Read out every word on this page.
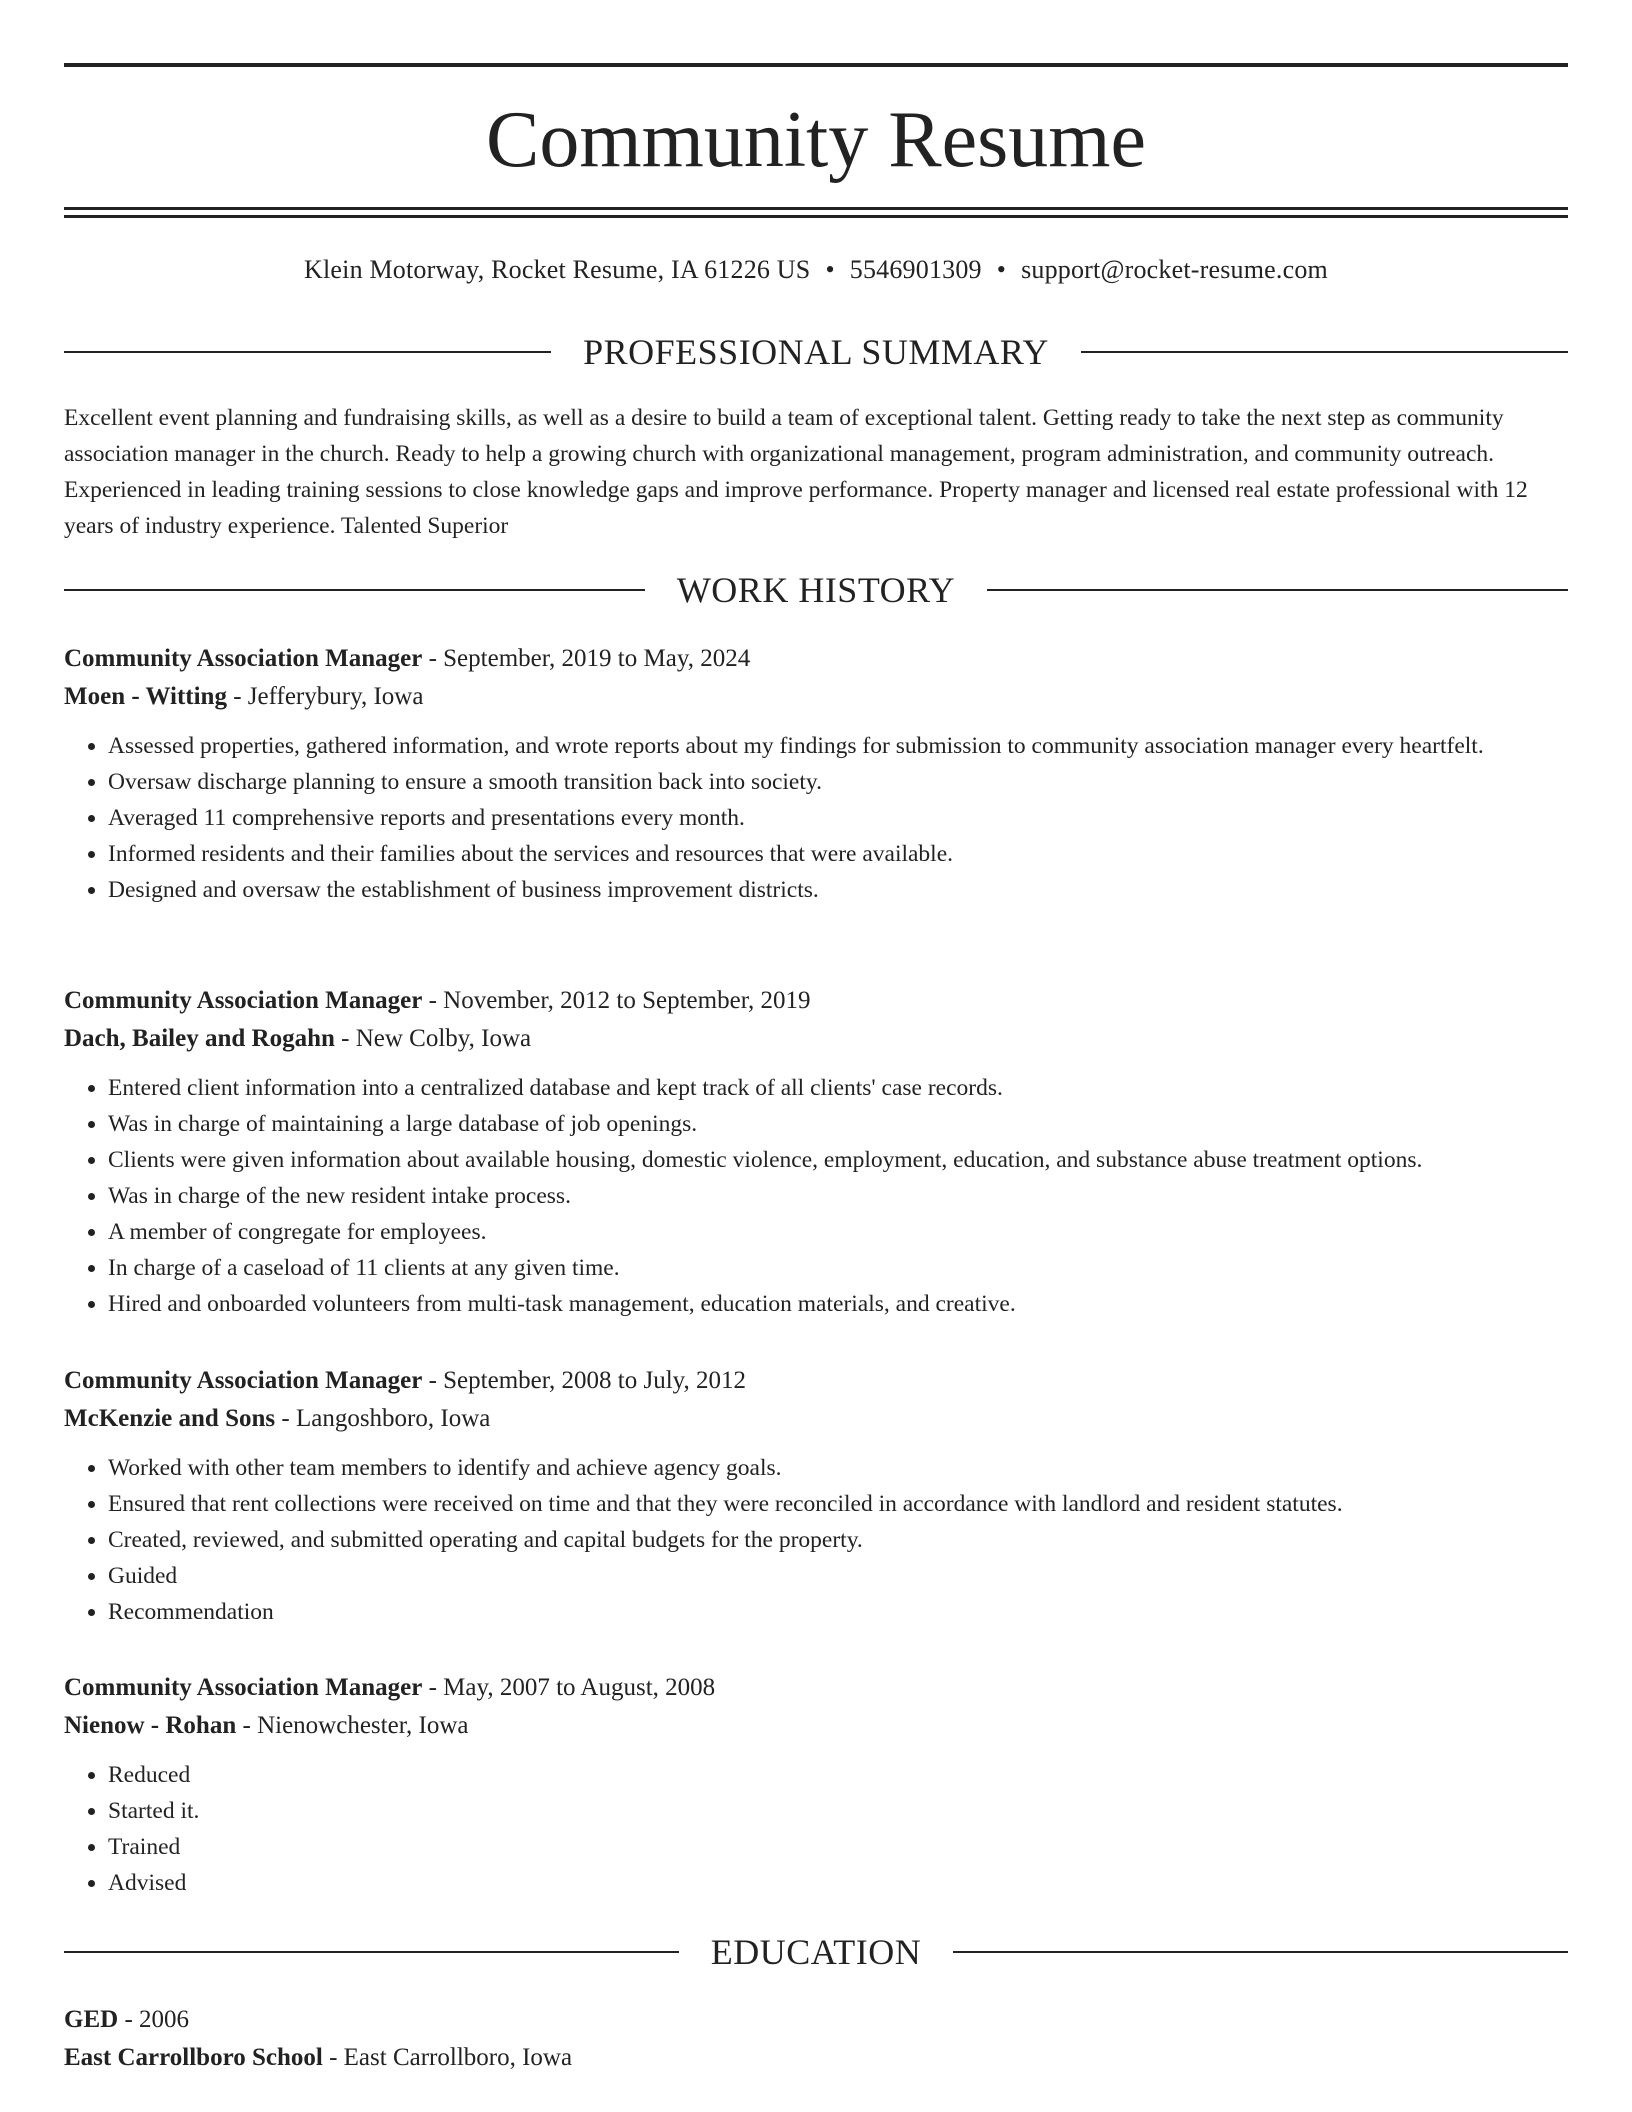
Community Resume
Klein Motorway, Rocket Resume, IA 61226 US • 5546901309 • support@rocket-resume.com
PROFESSIONAL SUMMARY

Excellent event planning and fundraising skills, as well as a desire to build a team of exceptional talent. Getting ready to take the next step as community association manager in the church. Ready to help a growing church with organizational management, program administration, and community outreach. Experienced in leading training sessions to close knowledge gaps and improve performance. Property manager and licensed real estate professional with 12 years of industry experience. Talented Superior

WORK HISTORY
Community Association Manager - September, 2019 to May, 2024
Moen - Witting - Jefferybury, Iowa
• Assessed properties, gathered information, and wrote reports about my findings for submission to community association manager every heartfelt.
• Oversaw discharge planning to ensure a smooth transition back into society.
• Averaged 11 comprehensive reports and presentations every month.
• Informed residents and their families about the services and resources that were available.
• Designed and oversaw the establishment of business improvement districts.
Community Association Manager - November, 2012 to September, 2019
Dach, Bailey and Rogahn - New Colby, Iowa
• Entered client information into a centralized database and kept track of all clients' case records.
• Was in charge of maintaining a large database of job openings.
• Clients were given information about available housing, domestic violence, employment, education, and substance abuse treatment options.
• Was in charge of the new resident intake process.
• A member of congregate for employees.
• In charge of a caseload of 11 clients at any given time.
• Hired and onboarded volunteers from multi-task management, education materials, and creative.
Community Association Manager - September, 2008 to July, 2012
McKenzie and Sons - Langoshboro, Iowa
• Worked with other team members to identify and achieve agency goals.
• Ensured that rent collections were received on time and that they were reconciled in accordance with landlord and resident statutes.
• Created, reviewed, and submitted operating and capital budgets for the property.
• Guided
• Recommendation
Community Association Manager - May, 2007 to August, 2008
Nienow - Rohan - Nienowchester, Iowa
• Reduced
• Started it.
• Trained
• Advised
EDUCATION
GED - 2006
East Carrollboro School - East Carrollboro, Iowa
